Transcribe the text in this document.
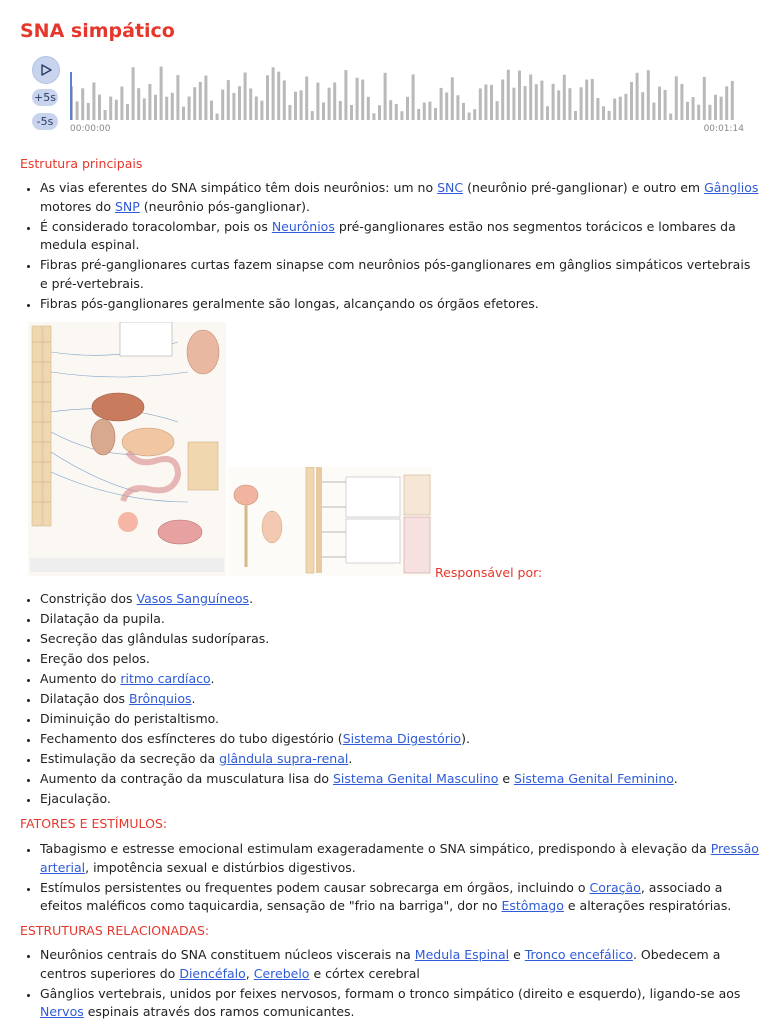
SNA simpático
+5s
-5s
00:00:00	00:01:14
Estrutura principais
• As vias eferentes do SNA simpático têm dois neurônios: um no SNC (neurônio pré-ganglionar) e outro em Gânglios motores do SNP (neurônio pós-ganglionar).
• É considerado toracolombar, pois os Neurônios pré-ganglionares estão nos segmentos torácicos e lombares da medula espinal.
• Fibras pré-ganglionares curtas fazem sinapse com neurônios pós-ganglionares em gânglios simpáticos vertebrais e pré-vertebrais.
• Fibras pós-ganglionares geralmente são longas, alcançando os órgãos efetores.
Responsável por:
• Constrição dos Vasos Sanguíneos.
• Dilatação da pupila.
• Secreção das glândulas sudoríparas.
• Ereção dos pelos.
• Aumento do ritmo cardíaco.
• Dilatação dos Brônquios.
• Diminuição do peristaltismo.
• Fechamento dos esfíncteres do tubo digestório (Sistema Digestório).
• Estimulação da secreção da glândula supra-renal.
• Aumento da contração da musculatura lisa do Sistema Genital Masculino e Sistema Genital Feminino.
• Ejaculação.
FATORES E ESTÍMULOS:
• Tabagismo e estresse emocional estimulam exageradamente o SNA simpático, predispondo à elevação da Pressão arterial, impotência sexual e distúrbios digestivos.
• Estímulos persistentes ou frequentes podem causar sobrecarga em órgãos, incluindo o Coração, associado a efeitos maléficos como taquicardia, sensação de "frio na barriga", dor no Estômago e alterações respiratórias.
ESTRUTURAS RELACIONADAS:
• Neurônios centrais do SNA constituem núcleos viscerais na Medula Espinal e Tronco encefálico. Obedecem a centros superiores do Diencéfalo, Cerebelo e córtex cerebral
• Gânglios vertebrais, unidos por feixes nervosos, formam o tronco simpático (direito e esquerdo), ligando-se aos Nervos espinais através dos ramos comunicantes.
